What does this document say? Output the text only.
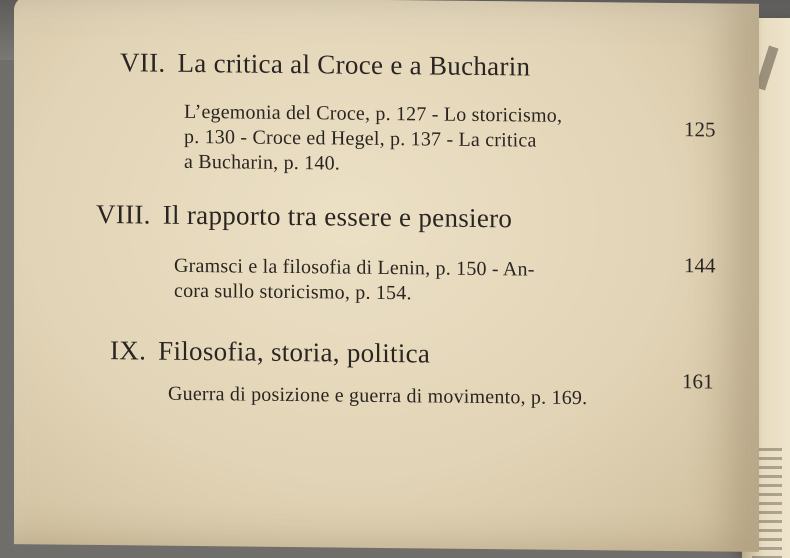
VII. La critica al Croce e a Bucharin
125
L’egemonia del Croce, p. 127 - Lo storicismo,
p. 130 - Croce ed Hegel, p. 137 - La critica
a Bucharin, p. 140.
VIII. Il rapporto tra essere e pensiero
144
Gramsci e la filosofia di Lenin, p. 150 - An-
cora sullo storicismo, p. 154.
IX. Filosofia, storia, politica
161
Guerra di posizione e guerra di movimento, p. 169.
